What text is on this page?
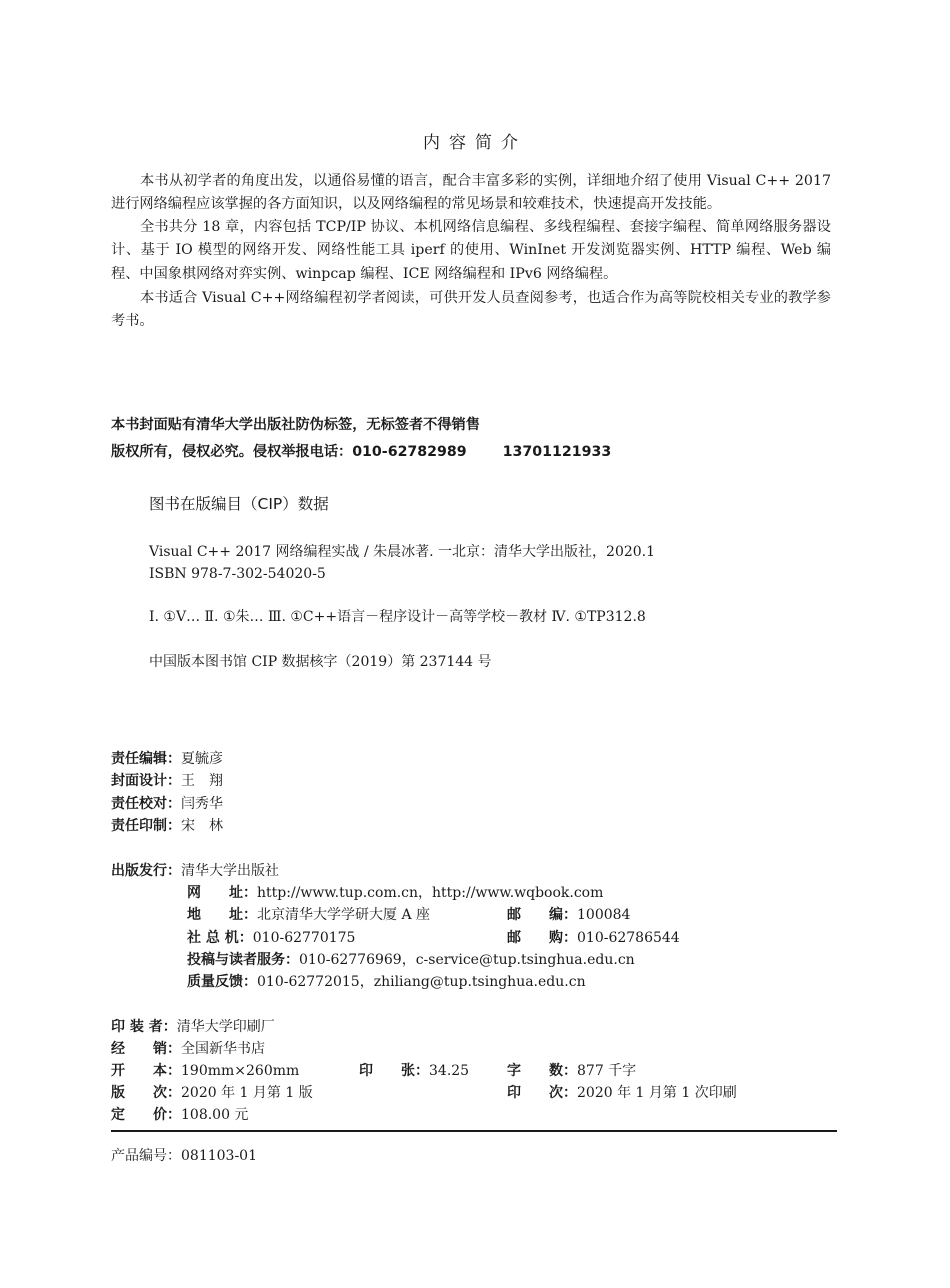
内容简介

本书从初学者的角度出发，以通俗易懂的语言，配合丰富多彩的实例，详细地介绍了使用 Visual C++ 2017 进行网络编程应该掌握的各方面知识，以及网络编程的常见场景和较难技术，快速提高开发技能。

全书共分 18 章，内容包括 TCP/IP 协议、本机网络信息编程、多线程编程、套接字编程、简单网络服务器设计、基于 IO 模型的网络开发、网络性能工具 iperf 的使用、WinInet 开发浏览器实例、HTTP 编程、Web 编程、中国象棋网络对弈实例、winpcap 编程、ICE 网络编程和 IPv6 网络编程。

本书适合 Visual C++网络编程初学者阅读，可供开发人员查阅参考，也适合作为高等院校相关专业的教学参考书。

本书封面贴有清华大学出版社防伪标签，无标签者不得销售
版权所有，侵权必究。侵权举报电话：010-62782989	13701121933
图书在版编目（CIP）数据
Visual C++ 2017 网络编程实战 / 朱晨冰著. 一北京：清华大学出版社，2020.1
ISBN 978-7-302-54020-5
Ⅰ. ①V… Ⅱ. ①朱… Ⅲ. ①C++语言－程序设计－高等学校－教材 Ⅳ. ①TP312.8
中国版本图书馆 CIP 数据核字（2019）第 237144 号
责任编辑：夏毓彦
封面设计：王　翔
责任校对：闫秀华
责任印制：宋　林
出版发行：清华大学出版社
网　　址：http://www.tup.com.cn，http://www.wqbook.com
地　　址：北京清华大学学研大厦 A 座	邮　　编：100084
社 总 机：010-62770175	邮　　购：010-62786544
投稿与读者服务：010-62776969，c-service@tup.tsinghua.edu.cn
质量反馈：010-62772015，zhiliang@tup.tsinghua.edu.cn
印 装 者：清华大学印刷厂
经　　销：全国新华书店
开　　本：190mm×260mm	印　　张：34.25	字　　数：877 千字
版　　次：2020 年 1 月第 1 版	印　　次：2020 年 1 月第 1 次印刷
定　　价：108.00 元
产品编号：081103-01
